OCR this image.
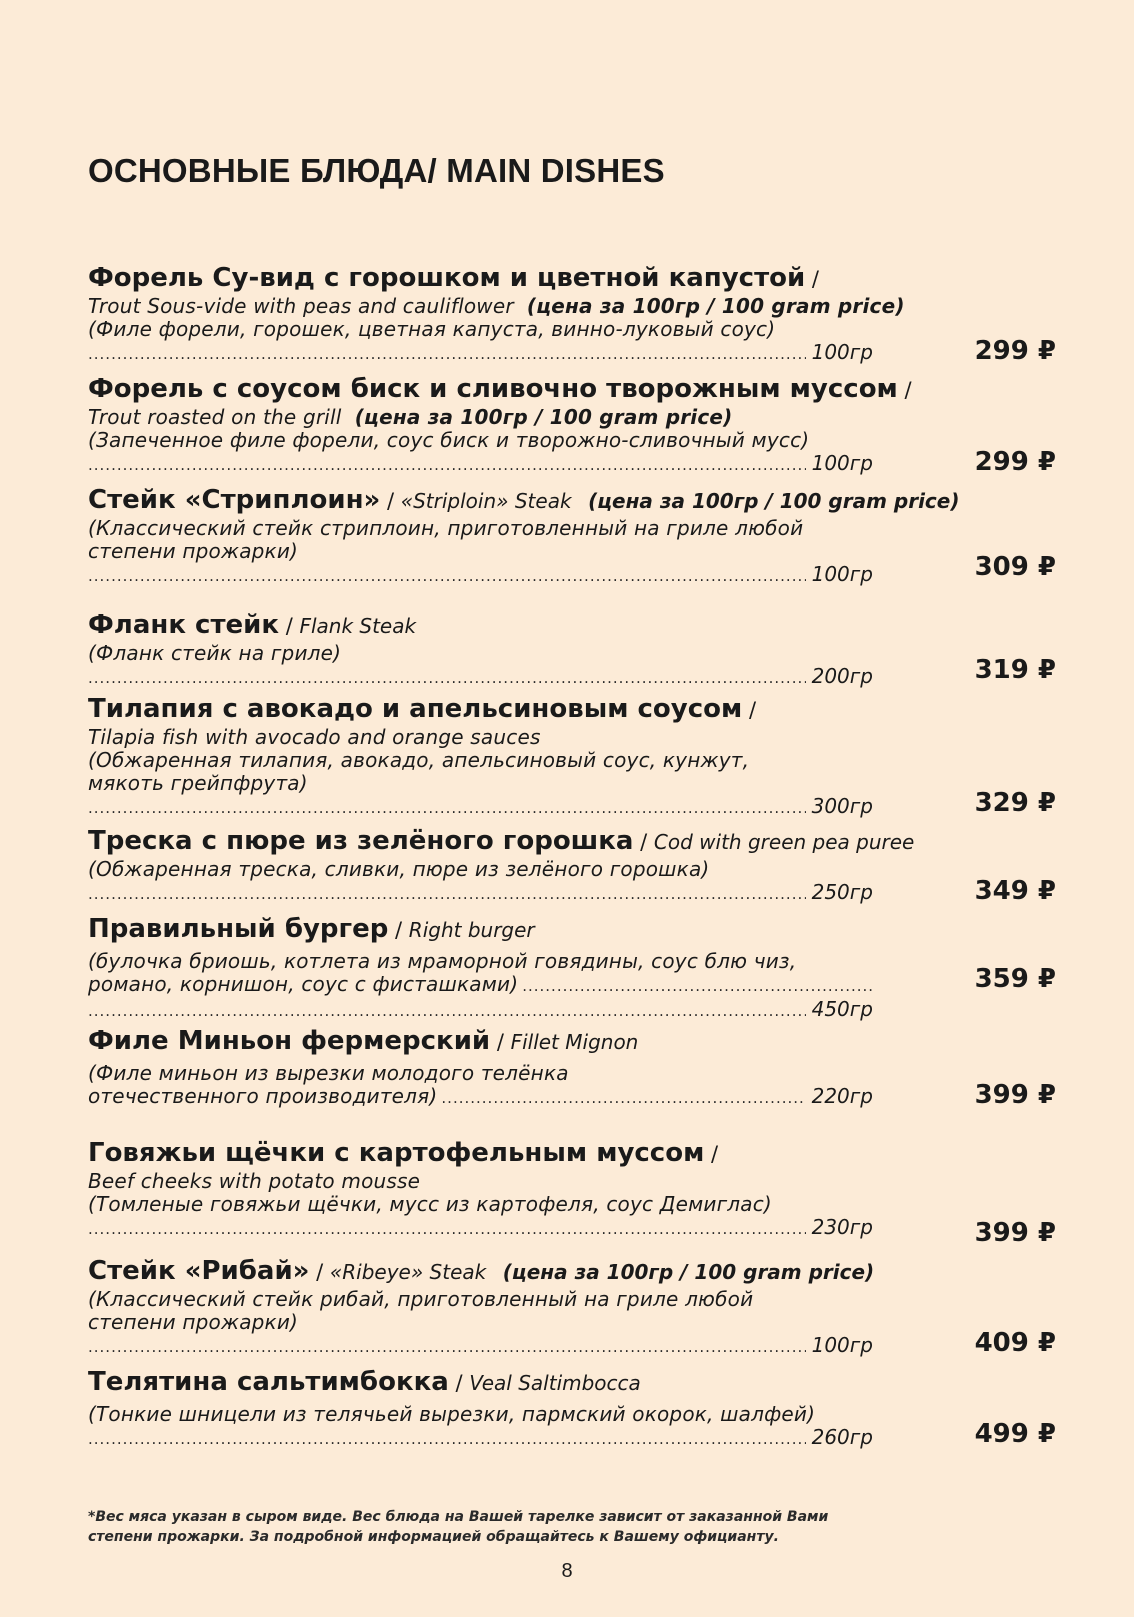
ОСНОВНЫЕ БЛЮДА/ MAIN DISHES
Форель Су-вид с горошком и цветной капустой /
Trout Sous-vide with peas and cauliflower (цена за 100гр / 100 gram price)
(Филе форели, горошек, цветная капуста, винно-луковый соус)
.....
100гр	299 ₽
Форель с соусом биск и сливочно творожным муссом /
Trout roasted on the grill (цена за 100гр / 100 gram price)
(Запеченное филе форели, соус биск и творожно-сливочный мусс)
.....
100гр	299 ₽
Стейк «Стриплоин» / «Striploin» Steak (цена за 100гр / 100 gram price)
(Классический стейк стриплоин, приготовленный на гриле любой
степени прожарки)
.....
100гр	309 ₽
Фланк стейк / Flank Steak
(Фланк стейк на гриле)
.....
200гр	319 ₽
Тилапия с авокадо и апельсиновым соусом /
Tilapia fish with avocado and orange sauces
(Обжаренная тилапия, авокадо, апельсиновый соус, кунжут,
мякоть грейпфрута)
.....
300гр	329 ₽
Треска с пюре из зелёного горошка / Cod with green pea puree
(Обжаренная треска, сливки, пюре из зелёного горошка)
.....
250гр	349 ₽
Правильный бургер / Right burger
(булочка бриошь, котлета из мраморной говядины, соус блю чиз,
романо, корнишон, соус с фисташками)
.....
.....
450гр
359 ₽
Филе Миньон фермерский / Fillet Mignon
(Филе миньон из вырезки молодого телёнка
отечественного производителя)
.....	220гр	399 ₽
Говяжьи щёчки с картофельным муссом /
Beef cheeks with potato mousse
(Томленые говяжьи щёчки, мусс из картофеля, соус Демиглас)
.....
230гр	399 ₽
Стейк «Рибай» / «Ribeye» Steak (цена за 100гр / 100 gram price)
(Классический стейк рибай, приготовленный на гриле любой
степени прожарки)
.....
100гр	409 ₽
Телятина сальтимбокка / Veal Saltimbocca
(Тонкие шницели из телячьей вырезки, пармский окорок, шалфей)
.....
260гр	499 ₽
*Вес мяса указан в сыром виде. Вес блюда на Вашей тарелке зависит от заказанной Вами степени прожарки. За подробной информацией обращайтесь к Вашему официанту.
8
